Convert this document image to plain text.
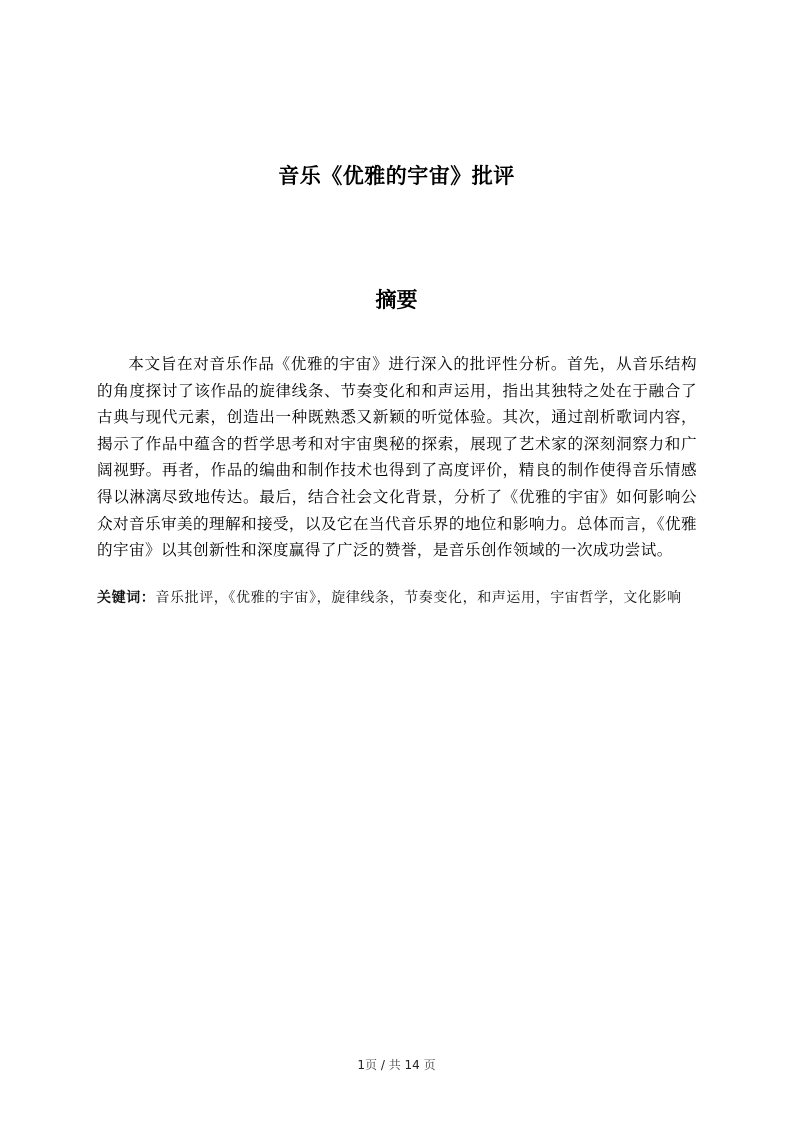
音乐《优雅的宇宙》批评
摘要
本文旨在对音乐作品《优雅的宇宙》进行深入的批评性分析。首先，从音乐结构的角度探讨了该作品的旋律线条、节奏变化和和声运用，指出其独特之处在于融合了古典与现代元素，创造出一种既熟悉又新颖的听觉体验。其次，通过剖析歌词内容，揭示了作品中蕴含的哲学思考和对宇宙奥秘的探索，展现了艺术家的深刻洞察力和广阔视野。再者，作品的编曲和制作技术也得到了高度评价，精良的制作使得音乐情感得以淋漓尽致地传达。最后，结合社会文化背景，分析了《优雅的宇宙》如何影响公众对音乐审美的理解和接受，以及它在当代音乐界的地位和影响力。总体而言，《优雅的宇宙》以其创新性和深度赢得了广泛的赞誉，是音乐创作领域的一次成功尝试。
关键词：音乐批评，《优雅的宇宙》，旋律线条，节奏变化，和声运用，宇宙哲学，文化影响
1页 / 共 14 页
